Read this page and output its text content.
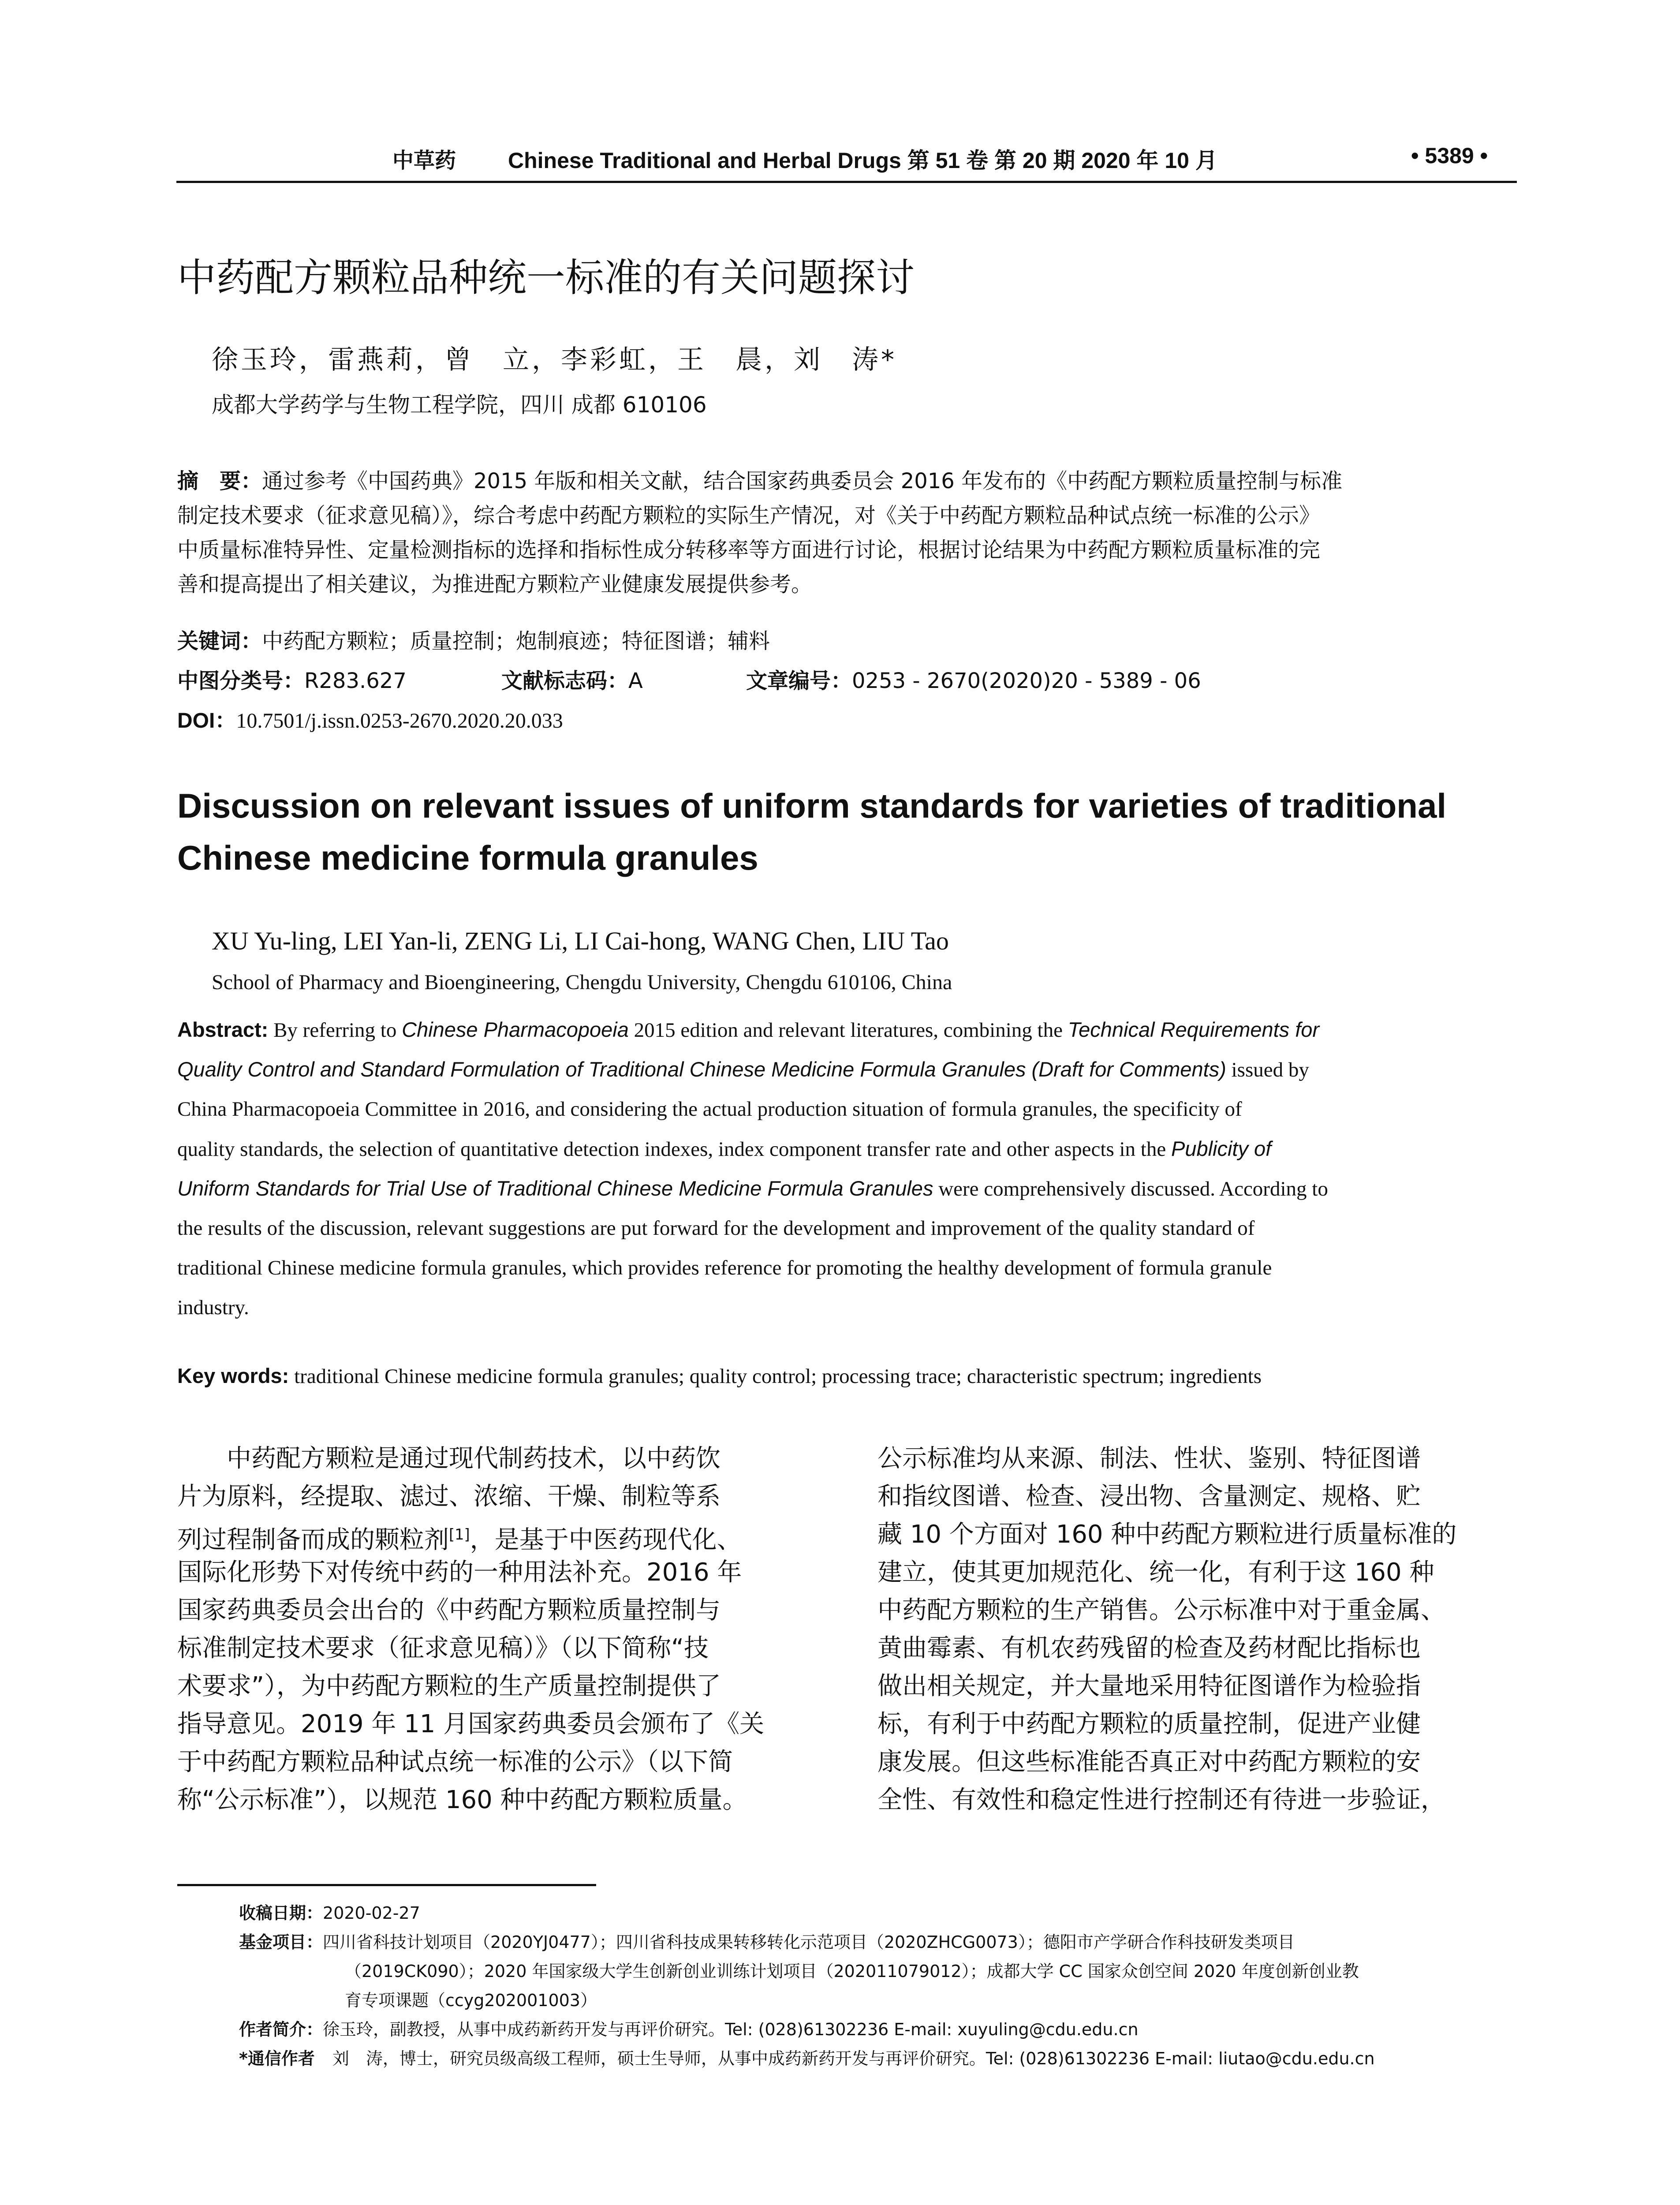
中草药 Chinese Traditional and Herbal Drugs 第 51 卷 第 20 期 2020 年 10 月	• 5389 •
中药配方颗粒品种统一标准的有关问题探讨
徐玉玲，雷燕莉，曾　立，李彩虹，王　晨，刘　涛*
成都大学药学与生物工程学院，四川 成都 610106
摘　要：通过参考《中国药典》2015 年版和相关文献，结合国家药典委员会 2016 年发布的《中药配方颗粒质量控制与标准
制定技术要求（征求意见稿）》，综合考虑中药配方颗粒的实际生产情况，对《关于中药配方颗粒品种试点统一标准的公示》
中质量标准特异性、定量检测指标的选择和指标性成分转移率等方面进行讨论，根据讨论结果为中药配方颗粒质量标准的完
善和提高提出了相关建议，为推进配方颗粒产业健康发展提供参考。
关键词：中药配方颗粒；质量控制；炮制痕迹；特征图谱；辅料
中图分类号：R283.627	文献标志码：A	文章编号：0253 - 2670(2020)20 - 5389 - 06
DOI：10.7501/j.issn.0253-2670.2020.20.033
Discussion on relevant issues of uniform standards for varieties of traditional
Chinese medicine formula granules
XU Yu-ling, LEI Yan-li, ZENG Li, LI Cai-hong, WANG Chen, LIU Tao
School of Pharmacy and Bioengineering, Chengdu University, Chengdu 610106, China
Abstract: By referring to Chinese Pharmacopoeia 2015 edition and relevant literatures, combining the Technical Requirements for
Quality Control and Standard Formulation of Traditional Chinese Medicine Formula Granules (Draft for Comments) issued by
China Pharmacopoeia Committee in 2016, and considering the actual production situation of formula granules, the specificity of
quality standards, the selection of quantitative detection indexes, index component transfer rate and other aspects in the Publicity of
Uniform Standards for Trial Use of Traditional Chinese Medicine Formula Granules were comprehensively discussed. According to
the results of the discussion, relevant suggestions are put forward for the development and improvement of the quality standard of
traditional Chinese medicine formula granules, which provides reference for promoting the healthy development of formula granule
industry.
Key words: traditional Chinese medicine formula granules; quality control; processing trace; characteristic spectrum; ingredients
　　中药配方颗粒是通过现代制药技术，以中药饮
片为原料，经提取、滤过、浓缩、干燥、制粒等系
列过程制备而成的颗粒剂[1]，是基于中医药现代化、
国际化形势下对传统中药的一种用法补充。2016 年
国家药典委员会出台的《中药配方颗粒质量控制与
标准制定技术要求（征求意见稿）》（以下简称“技
术要求”），为中药配方颗粒的生产质量控制提供了
指导意见。2019 年 11 月国家药典委员会颁布了《关
于中药配方颗粒品种试点统一标准的公示》（以下简
称“公示标准”），以规范 160 种中药配方颗粒质量。
公示标准均从来源、制法、性状、鉴别、特征图谱
和指纹图谱、检查、浸出物、含量测定、规格、贮
藏 10 个方面对 160 种中药配方颗粒进行质量标准的
建立，使其更加规范化、统一化，有利于这 160 种
中药配方颗粒的生产销售。公示标准中对于重金属、
黄曲霉素、有机农药残留的检查及药材配比指标也
做出相关规定，并大量地采用特征图谱作为检验指
标，有利于中药配方颗粒的质量控制，促进产业健
康发展。但这些标准能否真正对中药配方颗粒的安
全性、有效性和稳定性进行控制还有待进一步验证，
收稿日期：2020-02-27
基金项目：四川省科技计划项目（2020YJ0477）；四川省科技成果转移转化示范项目（2020ZHCG0073）；德阳市产学研合作科技研发类项目
（2019CK090）；2020 年国家级大学生创新创业训练计划项目（202011079012）；成都大学 CC 国家众创空间 2020 年度创新创业教
育专项课题（ccyg202001003）
作者简介：徐玉玲，副教授，从事中成药新药开发与再评价研究。Tel: (028)61302236 E-mail: xuyuling@cdu.edu.cn
*通信作者 刘　涛，博士，研究员级高级工程师，硕士生导师，从事中成药新药开发与再评价研究。Tel: (028)61302236 E-mail: liutao@cdu.edu.cn
